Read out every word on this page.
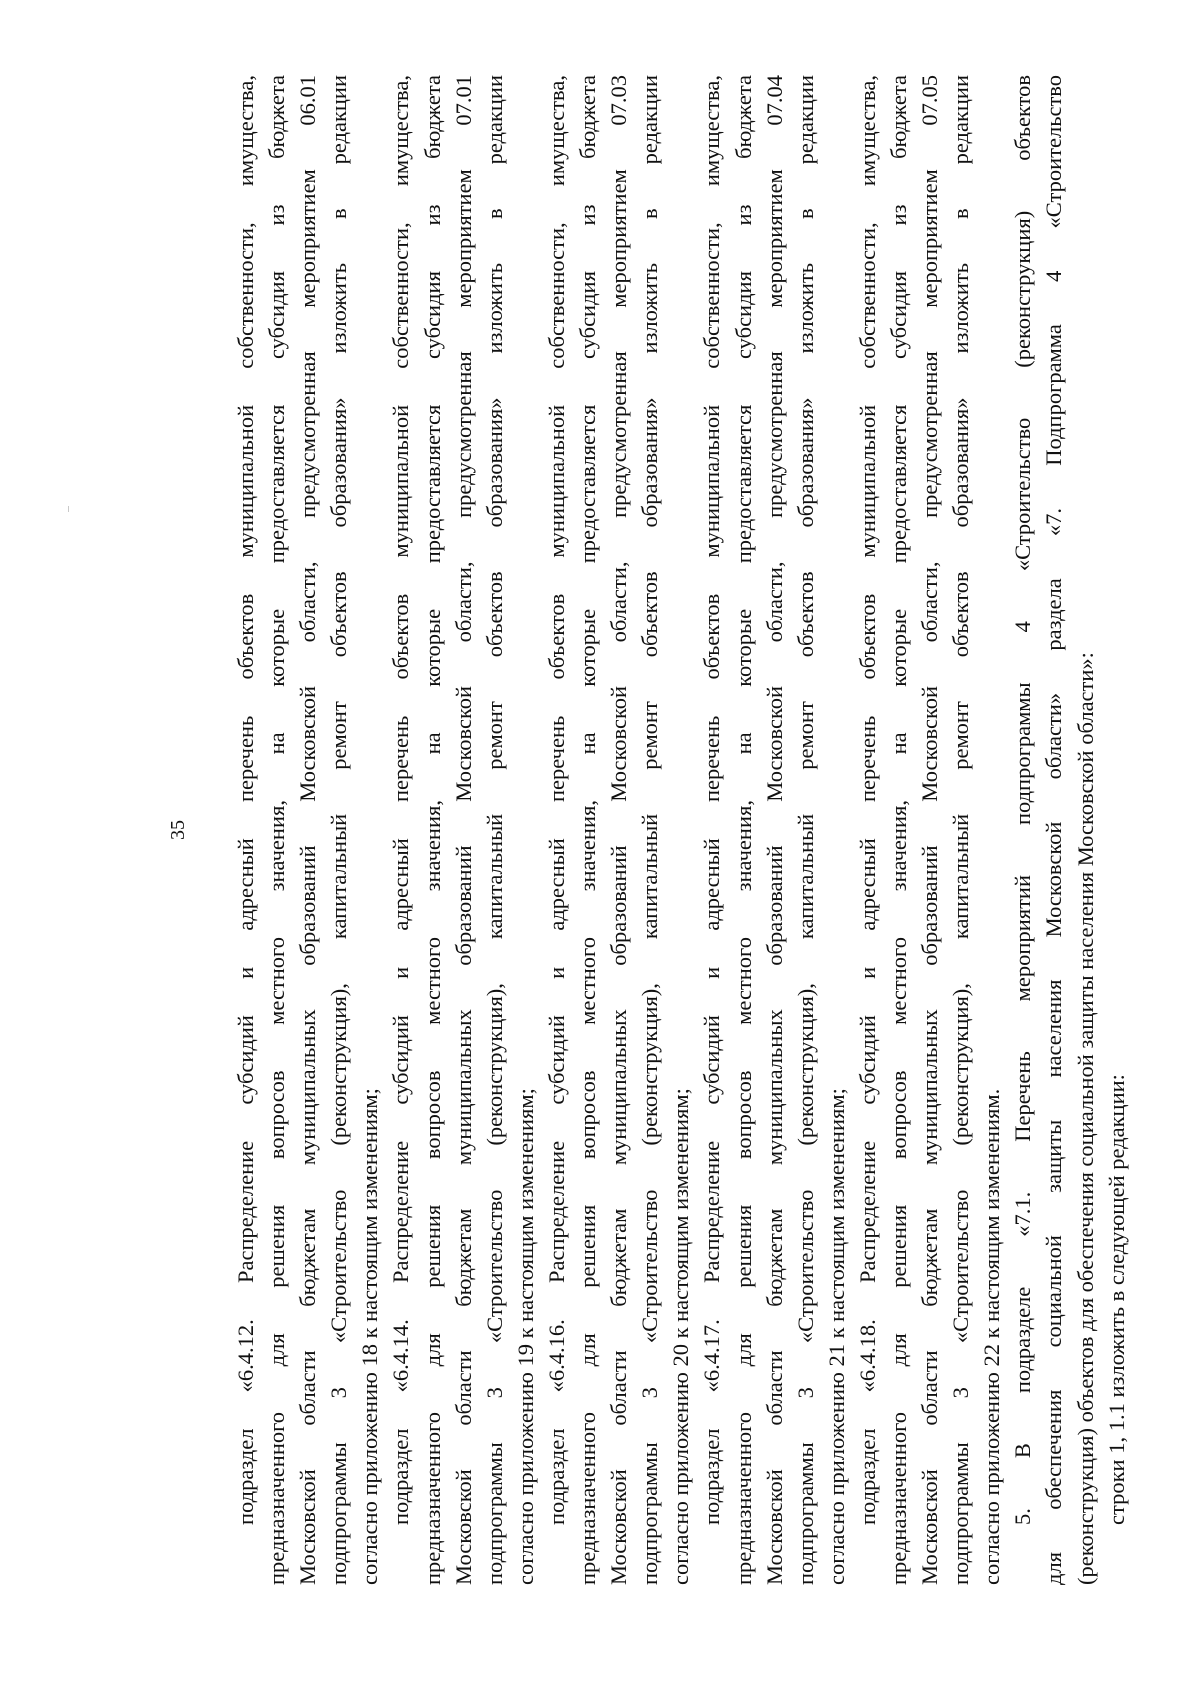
35	подраздел «6.4.12. Распределение субсидий и адресный перечень объектов муниципальной собственности, имущества, предназначенного для решения вопросов местного значения, на которые предоставляется субсидия из бюджета Московской области бюджетам муниципальных образований Московской области, предусмотренная мероприятием 06.01 подпрограммы 3 «Строительство (реконструкция), капитальный ремонт объектов образования» изложить в редакции согласно приложению 18 к настоящим изменениям; подраздел «6.4.14. Распределение субсидий и адресный перечень объектов муниципальной собственности, имущества, предназначенного для решения вопросов местного значения, на которые предоставляется субсидия из бюджета Московской области бюджетам муниципальных образований Московской области, предусмотренная мероприятием 07.01 подпрограммы 3 «Строительство (реконструкция), капитальный ремонт объектов образования» изложить в редакции согласно приложению 19 к настоящим изменениям; подраздел «6.4.16. Распределение субсидий и адресный перечень объектов муниципальной собственности, имущества, предназначенного для решения вопросов местного значения, на которые предоставляется субсидия из бюджета Московской области бюджетам муниципальных образований Московской области, предусмотренная мероприятием 07.03 подпрограммы 3 «Строительство (реконструкция), капитальный ремонт объектов образования» изложить в редакции согласно приложению 20 к настоящим изменениям; подраздел «6.4.17. Распределение субсидий и адресный перечень объектов муниципальной собственности, имущества, предназначенного для решения вопросов местного значения, на которые предоставляется субсидия из бюджета Московской области бюджетам муниципальных образований Московской области, предусмотренная мероприятием 07.04 подпрограммы 3 «Строительство (реконструкция), капитальный ремонт объектов образования» изложить в редакции согласно приложению 21 к настоящим изменениям; подраздел «6.4.18. Распределение субсидий и адресный перечень объектов муниципальной собственности, имущества, предназначенного для решения вопросов местного значения, на которые предоставляется субсидия из бюджета Московской области бюджетам муниципальных образований Московской области, предусмотренная мероприятием 07.05 подпрограммы 3 «Строительство (реконструкция), капитальный ремонт объектов образования» изложить в редакции согласно приложению 22 к настоящим изменениям. 5. В подразделе «7.1. Перечень мероприятий подпрограммы 4 «Строительство (реконструкция) объектов для обеспечения социальной защиты населения Московской области» раздела «7. Подпрограмма 4 «Строительство (реконструкция) объектов для обеспечения социальной защиты населения Московской области»: строки 1, 1.1 изложить в следующей редакции:
